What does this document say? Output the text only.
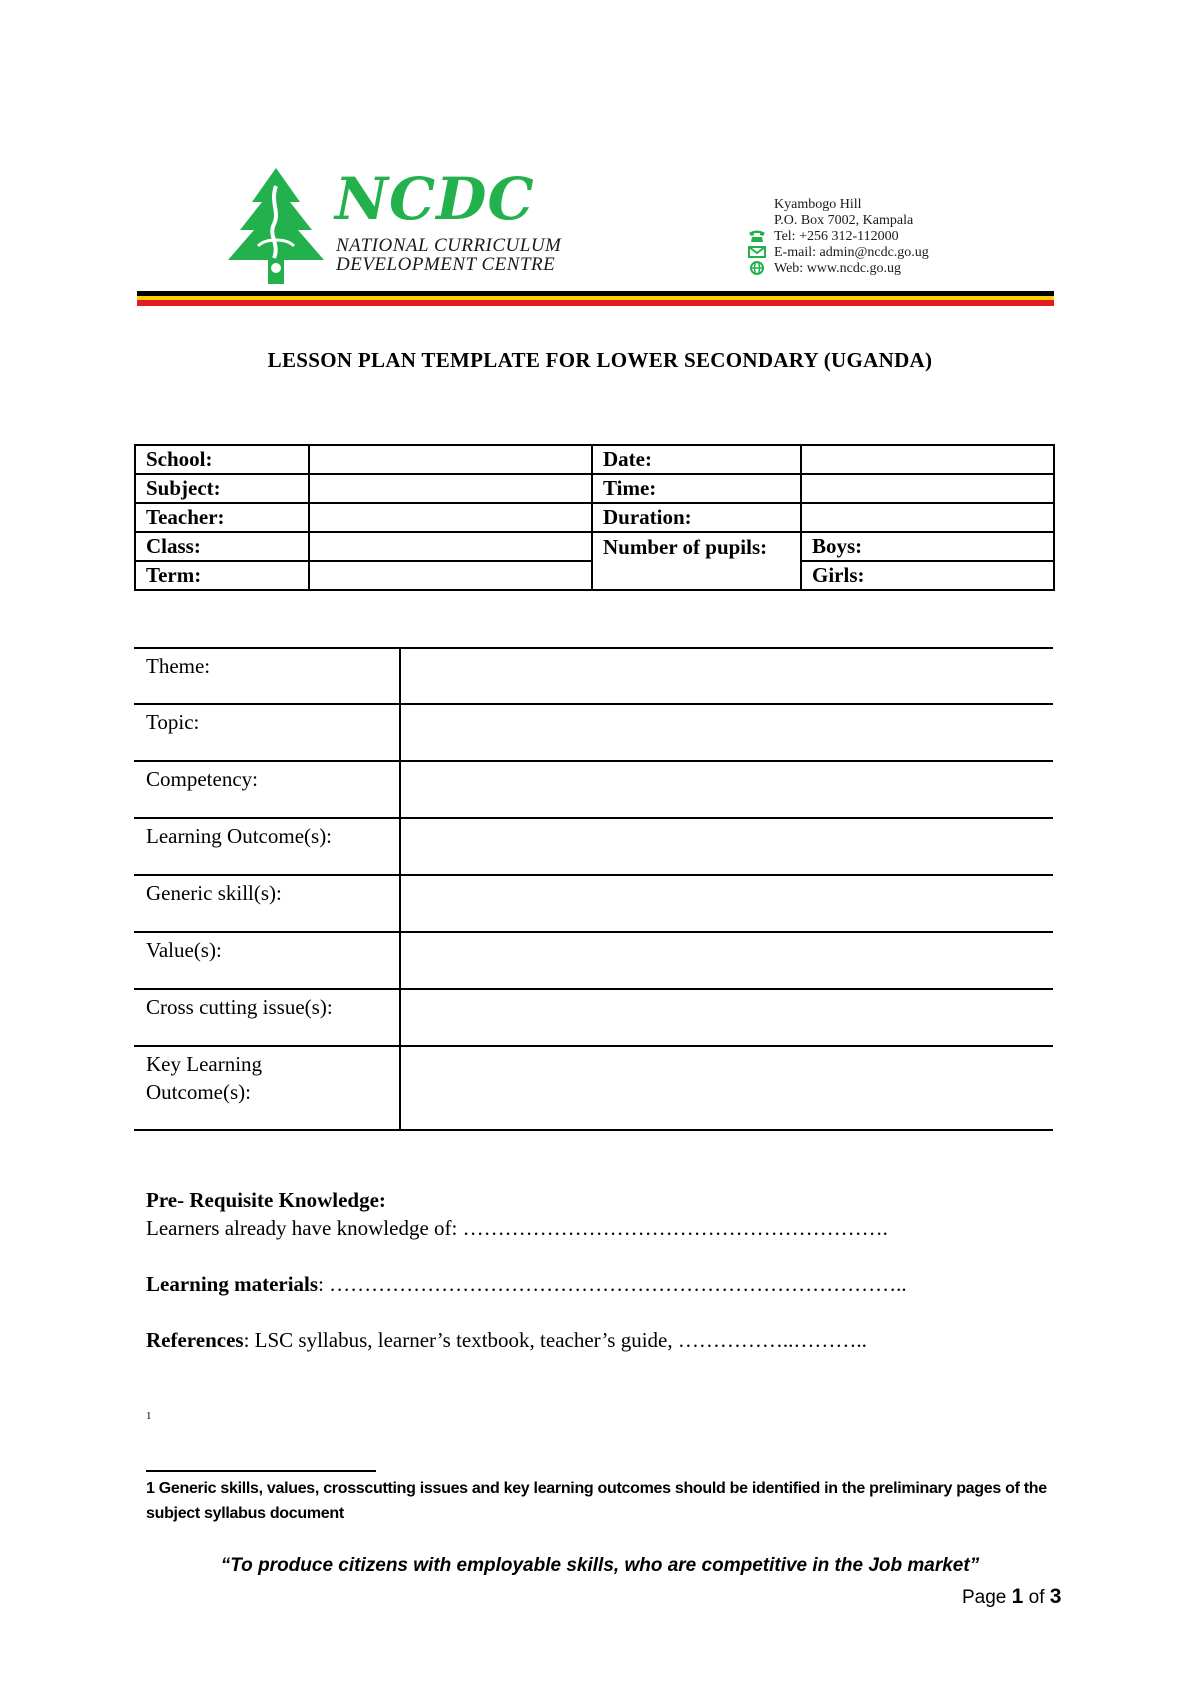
NCDC
NATIONAL CURRICULUM
DEVELOPMENT CENTRE
Kyambogo Hill
P.O. Box 7002, Kampala
Tel: +256 312-112000
E-mail: admin@ncdc.go.ug
Web: www.ncdc.go.ug
LESSON PLAN TEMPLATE FOR LOWER SECONDARY (UGANDA)
School:		Date:	
Subject:		Time:	
Teacher:		Duration:	
Class:		Number of pupils:	Boys:
Term:			Girls:
Theme:	
Topic:	
Competency:	
Learning Outcome(s):	
Generic skill(s):	
Value(s):	
Cross cutting issue(s):	

Key Learning Outcome(s):	

Pre- Requisite Knowledge:
Learners already have knowledge of: …………………………………………………….
Learning materials: ………………………………………………………………………..
References: LSC syllabus, learner’s textbook, teacher’s guide, ……………..………..
1
1 Generic skills, values, crosscutting issues and key learning outcomes should be identified in the preliminary pages of the subject syllabus document
“To produce citizens with employable skills, who are competitive in the Job market”
Page 1 of 3
